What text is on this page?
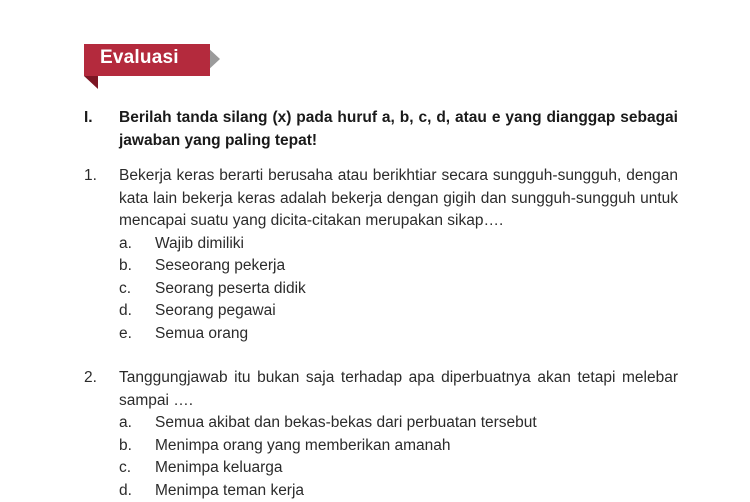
Evaluasi
I.	Berilah tanda silang (x) pada huruf a, b, c, d, atau e yang dianggap sebagai jawaban yang paling tepat!
1.	Bekerja keras berarti berusaha atau berikhtiar secara sungguh-sungguh, dengan kata lain bekerja keras adalah bekerja dengan gigih dan sungguh-sungguh untuk mencapai suatu yang dicita-citakan merupakan sikap….
a.	Wajib dimiliki
b.	Seseorang pekerja
c.	Seorang peserta didik
d.	Seorang pegawai
e.	Semua orang
2.	Tanggungjawab itu bukan saja terhadap apa diperbuatnya akan tetapi melebar sampai ….
a.	Semua akibat dan bekas-bekas dari perbuatan tersebut
b.	Menimpa orang yang memberikan amanah
c.	Menimpa keluarga
d.	Menimpa teman kerja
